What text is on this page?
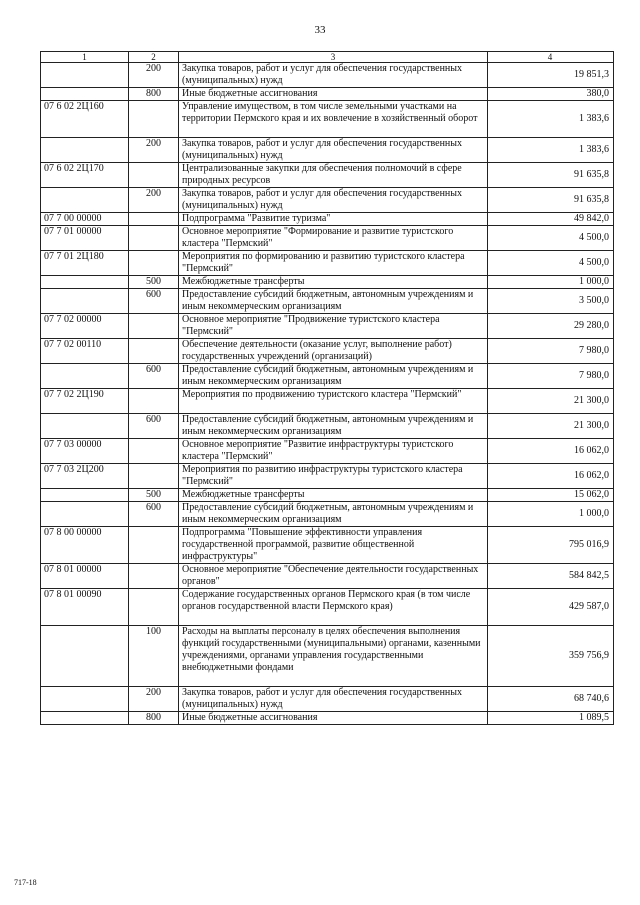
33
1	2	3	4
	200	Закупка товаров, работ и услуг для обеспечения государственных (муниципальных) нужд	19 851,3
	800	Иные бюджетные ассигнования	380,0
07 6 02 2Ц160		Управление имуществом, в том числе земельными участками на территории Пермского края и их вовлечение в хозяйственный оборот	1 383,6
	200	Закупка товаров, работ и услуг для обеспечения государственных (муниципальных) нужд	1 383,6
07 6 02 2Ц170		Централизованные закупки для обеспечения полномочий в сфере природных ресурсов	91 635,8
	200	Закупка товаров, работ и услуг для обеспечения государственных (муниципальных) нужд	91 635,8
07 7 00 00000		Подпрограмма "Развитие туризма"	49 842,0
07 7 01 00000		Основное мероприятие "Формирование и развитие туристского кластера "Пермский"	4 500,0
07 7 01 2Ц180		Мероприятия по формированию и развитию туристского кластера "Пермский"	4 500,0
	500	Межбюджетные трансферты	1 000,0
	600	Предоставление субсидий бюджетным, автономным учреждениям и иным некоммерческим организациям	3 500,0
07 7 02 00000		Основное мероприятие "Продвижение туристского кластера "Пермский"	29 280,0
07 7 02 00110		Обеспечение деятельности (оказание услуг, выполнение работ) государственных учреждений (организаций)	7 980,0
	600	Предоставление субсидий бюджетным, автономным учреждениям и иным некоммерческим организациям	7 980,0
07 7 02 2Ц190		Мероприятия по продвижению туристского кластера "Пермский"	21 300,0
	600	Предоставление субсидий бюджетным, автономным учреждениям и иным некоммерческим организациям	21 300,0
07 7 03 00000		Основное мероприятие "Развитие инфраструктуры туристского кластера "Пермский"	16 062,0
07 7 03 2Ц200		Мероприятия по развитию инфраструктуры туристского кластера "Пермский"	16 062,0
	500	Межбюджетные трансферты	15 062,0
	600	Предоставление субсидий бюджетным, автономным учреждениям и иным некоммерческим организациям	1 000,0
07 8 00 00000		Подпрограмма "Повышение эффективности управления государственной программой, развитие общественной инфраструктуры"	795 016,9
07 8 01 00000		Основное мероприятие "Обеспечение деятельности государственных органов"	584 842,5
07 8 01 00090		Содержание государственных органов Пермского края (в том числе органов государственной власти Пермского края)	429 587,0
	100	Расходы на выплаты персоналу в целях обеспечения выполнения функций государственными (муниципальными) органами, казенными учреждениями, органами управления государственными внебюджетными фондами	359 756,9
	200	Закупка товаров, работ и услуг для обеспечения государственных (муниципальных) нужд	68 740,6
	800	Иные бюджетные ассигнования	1 089,5
717-18
